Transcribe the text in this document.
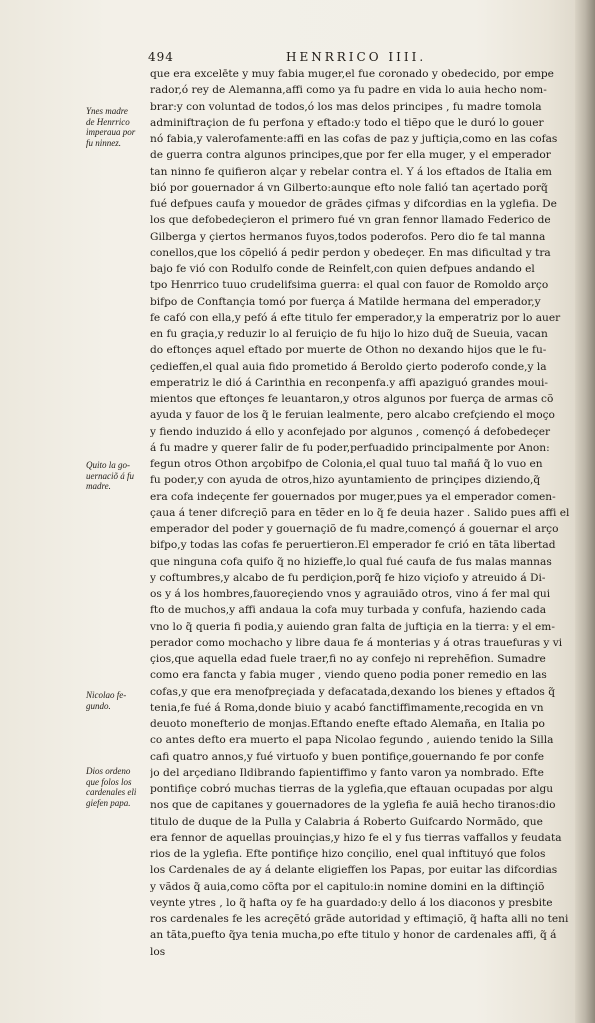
494	HENRRICO IIII.
Ynes madre
de Henrrico
imperaua por
fu ninnez.
Quito la go-
uernaciõ á fu
madre.
Nicolao fe-
gundo.
Dios ordeno
que folos los
cardenales eli
giefen papa.
que era excelēte y muy fabia muger,el fue coronado y obedecido, por empe
rador,ó rey de Alemanna,affi como ya fu padre en vida lo auia hecho nom-
brar:y con voluntad de todos,ó los mas delos principes , fu madre tomola
adminiftraçion de fu perfona y eftado:y todo el tiẽpo que le duró lo gouer
nó fabia,y valerofamente:affi en las cofas de paz y juftiçia,como en las cofas
de guerra contra algunos principes,que por fer ella muger, y el emperador
tan ninno fe quifieron alçar y rebelar contra el. Y á los eftados de Italia em
bió por gouernador á vn Gilberto:aunque efto nole falió tan açertado porq̃
fué defpues caufa y mouedor de grãdes çifmas y difcordias en la yglefia. De
los que defobedeçieron el primero fué vn gran fennor llamado Federico de
Gilberga y çiertos hermanos fuyos,todos poderofos. Pero dio fe tal manna
conellos,que los cõpelió á pedir perdon y obedeçer. En mas dificultad y tra
bajo fe vió con Rodulfo conde de Reinfelt,con quien defpues andando el
tpo Henrrico tuuo crudelifsima guerra: el qual con fauor de Romoldo arço
bifpo de Conftançia tomó por fuerça á Matilde hermana del emperador,y
fe cafó con ella,y pefó á efte titulo fer emperador,y la emperatriz por lo auer
en fu graçia,y reduzir lo al feruiçio de fu hijo lo hizo duq̃ de Sueuia, vacan
do eftonçes aquel eftado por muerte de Othon no dexando hijos que le fu-
çedieffen,el qual auia fido prometido á Beroldo çierto poderofo conde,y la
emperatriz le dió á Carinthia en reconpenfa.y affi apaziguó grandes moui-
mientos que eftonçes fe leuantaron,y otros algunos por fuerça de armas cõ
ayuda y fauor de los q̃ le feruian lealmente, pero alcabo crefçiendo el moço
y fiendo induzido á ello y aconfejado por algunos , començó á defobedeçer
á fu madre y querer falir de fu poder,perfuadido principalmente por Anon:
fegun otros Othon arçobifpo de Colonia,el qual tuuo tal mañá q̃ lo vuo en
fu poder,y con ayuda de otros,hizo ayuntamiento de prinçipes diziendo,q̃
era cofa indeçente fer gouernados por muger,pues ya el emperador comen-
çaua á tener difcreçiõ para en tẽder en lo q̃ fe deuia hazer . Salido pues affi el
emperador del poder y gouernaçiõ de fu madre,començó á gouernar el arço
bifpo,y todas las cofas fe peruertieron.El emperador fe crió en tãta libertad
que ninguna cofa quifo q̃ no hizieffe,lo qual fué caufa de fus malas mannas
y coftumbres,y alcabo de fu perdiçion,porq̃ fe hizo viçiofo y atreuido á Di-
os y á los hombres,fauoreçiendo vnos y agrauiãdo otros, vino á fer mal qui
fto de muchos,y affi andaua la cofa muy turbada y confufa, haziendo cada
vno lo q̃ queria fi podia,y auiendo gran falta de juftiçia en la tierra: y el em-
perador como mochacho y libre daua fe á monterias y á otras trauefuras y vi
çios,que aquella edad fuele traer,fi no ay confejo ni reprehẽfion. Sumadre
como era fancta y fabia muger , viendo queno podia poner remedio en las
cofas,y que era menofpreçiada y defacatada,dexando los bienes y eftados q̃
tenia,fe fué á Roma,donde biuio y acabó fanctiffimamente,recogida en vn
deuoto monefterio de monjas.Eftando enefte eftado Alemaña, en Italia po
co antes defto era muerto el papa Nicolao fegundo , auiendo tenido la Silla
cafi quatro annos,y fué virtuofo y buen pontifiçe,gouernando fe por confe
jo del arçediano Ildibrando fapientiffimo y fanto varon ya nombrado. Efte
pontifiçe cobró muchas tierras de la yglefia,que eftauan ocupadas por algu
nos que de capitanes y gouernadores de la yglefia fe auiã hecho tiranos:dio
titulo de duque de la Pulla y Calabria á Roberto Guifcardo Normãdo, que
era fennor de aquellas prouinçias,y hizo fe el y fus tierras vaffallos y feudata
rios de la yglefia. Efte pontifiçe hizo conçilio, enel qual inftituyó que folos
los Cardenales de ay á delante eligieffen los Papas, por euitar las difcordias
y vãdos q̃ auia,como cõfta por el capitulo:in nomine domini en la diftinçiõ
veynte ytres , lo q̃ hafta oy fe ha guardado:y dello á los diaconos y presbite
ros cardenales fe les acreçẽtó grãde autoridad y eftimaçiõ, q̃ hafta alli no teni
an tãta,puefto q̃ya tenia mucha,po efte titulo y honor de cardenales affi, q̃ á
los
